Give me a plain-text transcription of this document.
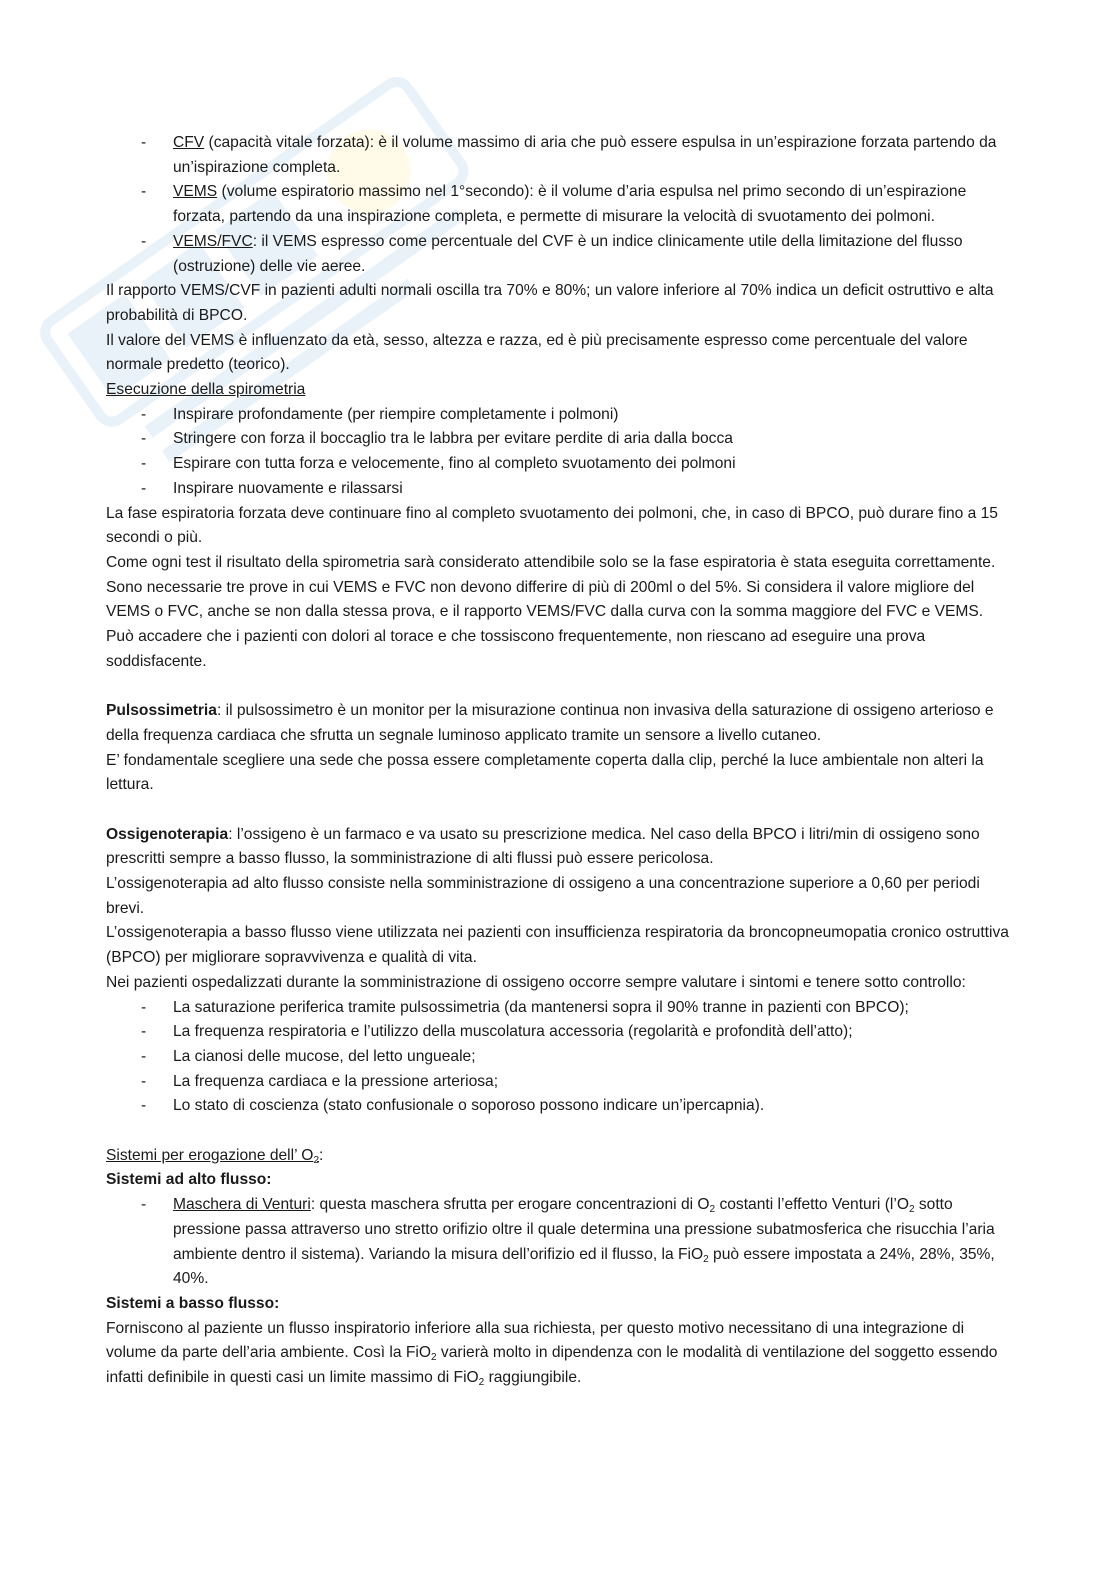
- CFV (capacità vitale forzata): è il volume massimo di aria che può essere espulsa in un’espirazione forzata partendo da un’ispirazione completa.
- VEMS (volume espiratorio massimo nel 1°secondo): è il volume d’aria espulsa nel primo secondo di un’espirazione forzata, partendo da una inspirazione completa, e permette di misurare la velocità di svuotamento dei polmoni.
- VEMS/FVC: il VEMS espresso come percentuale del CVF è un indice clinicamente utile della limitazione del flusso (ostruzione) delle vie aeree.

Il rapporto VEMS/CVF in pazienti adulti normali oscilla tra 70% e 80%; un valore inferiore al 70% indica un deficit ostruttivo e alta probabilità di BPCO.

Il valore del VEMS è influenzato da età, sesso, altezza e razza, ed è più precisamente espresso come percentuale del valore normale predetto (teorico).

Esecuzione della spirometria

- Inspirare profondamente (per riempire completamente i polmoni)
- Stringere con forza il boccaglio tra le labbra per evitare perdite di aria dalla bocca
- Espirare con tutta forza e velocemente, fino al completo svuotamento dei polmoni
- Inspirare nuovamente e rilassarsi

La fase espiratoria forzata deve continuare fino al completo svuotamento dei polmoni, che, in caso di BPCO, può durare fino a 15 secondi o più.

Come ogni test il risultato della spirometria sarà considerato attendibile solo se la fase espiratoria è stata eseguita correttamente. Sono necessarie tre prove in cui VEMS e FVC non devono differire di più di 200ml o del 5%. Si considera il valore migliore del VEMS o FVC, anche se non dalla stessa prova, e il rapporto VEMS/FVC dalla curva con la somma maggiore del FVC e VEMS.

Può accadere che i pazienti con dolori al torace e che tossiscono frequentemente, non riescano ad eseguire una prova soddisfacente.

Pulsossimetria: il pulsossimetro è un monitor per la misurazione continua non invasiva della saturazione di ossigeno arterioso e della frequenza cardiaca che sfrutta un segnale luminoso applicato tramite un sensore a livello cutaneo.

E’ fondamentale scegliere una sede che possa essere completamente coperta dalla clip, perché la luce ambientale non alteri la lettura.

Ossigenoterapia: l’ossigeno è un farmaco e va usato su prescrizione medica. Nel caso della BPCO i litri/min di ossigeno sono prescritti sempre a basso flusso, la somministrazione di alti flussi può essere pericolosa.

L’ossigenoterapia ad alto flusso consiste nella somministrazione di ossigeno a una concentrazione superiore a 0,60 per periodi brevi.

L’ossigenoterapia a basso flusso viene utilizzata nei pazienti con insufficienza respiratoria da broncopneumopatia cronico ostruttiva (BPCO) per migliorare sopravvivenza e qualità di vita.

Nei pazienti ospedalizzati durante la somministrazione di ossigeno occorre sempre valutare i sintomi e tenere sotto controllo:

- La saturazione periferica tramite pulsossimetria (da mantenersi sopra il 90% tranne in pazienti con BPCO);
- La frequenza respiratoria e l’utilizzo della muscolatura accessoria (regolarità e profondità dell’atto);
- La cianosi delle mucose, del letto ungueale;
- La frequenza cardiaca e la pressione arteriosa;
- Lo stato di coscienza (stato confusionale o soporoso possono indicare un’ipercapnia).

Sistemi per erogazione dell’ $O_2$:

Sistemi ad alto flusso:

- Maschera di Venturi: questa maschera sfrutta per erogare concentrazioni di $O_2$ costanti l’effetto Venturi ($l’O_2$ sotto pressione passa attraverso uno stretto orifizio oltre il quale determina una pressione subatmosferica che risucchia l’aria ambiente dentro il sistema). Variando la misura dell’orifizio ed il flusso, la FiO$_2$ può essere impostata a 24%, 28%, 35%, 40%.

Sistemi a basso flusso:

Forniscono al paziente un flusso inspiratorio inferiore alla sua richiesta, per questo motivo necessitano di una integrazione di volume da parte dell’aria ambiente. Così la FiO$_2$ varierà molto in dipendenza con le modalità di ventilazione del soggetto essendo infatti definibile in questi casi un limite massimo di FiO$_2$ raggiungibile.
